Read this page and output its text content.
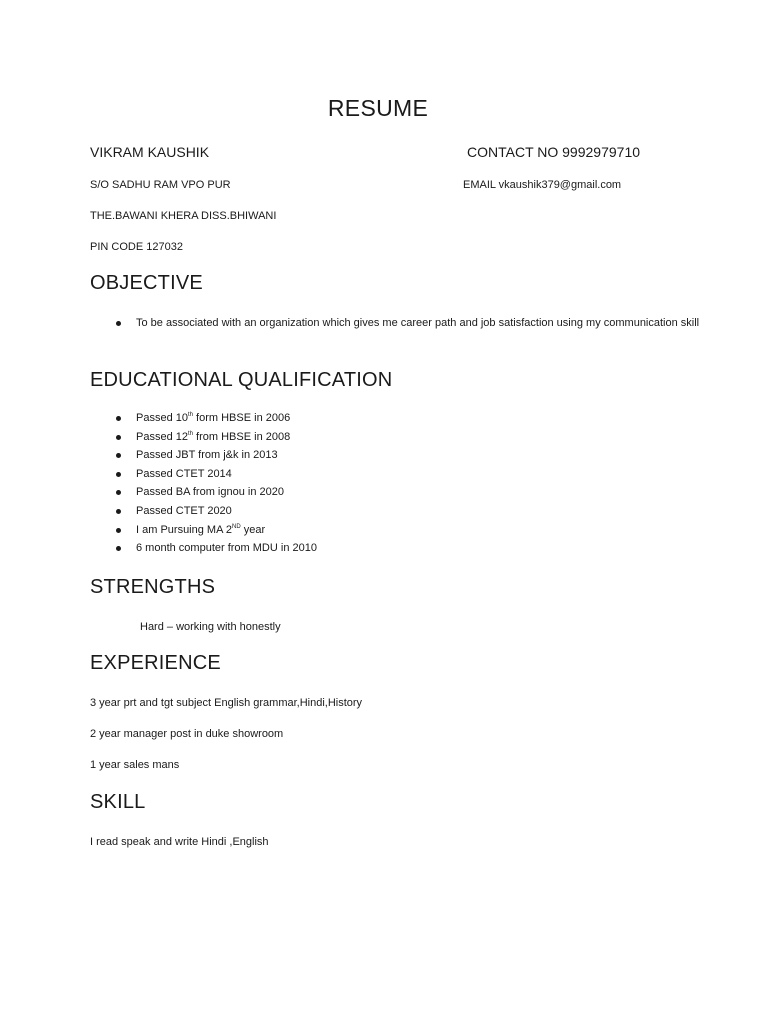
RESUME
VIKRAM KAUSHIK	CONTACT NO 9992979710
S/O SADHU RAM VPO PUR	EMAIL vkaushik379@gmail.com
THE.BAWANI KHERA DISS.BHIWANI
PIN CODE 127032
OBJECTIVE
To be associated with an organization which gives me career path and job satisfaction using my communication skill
EDUCATIONAL QUALIFICATION
Passed 10th form HBSE in 2006
Passed 12th from HBSE in 2008
Passed JBT from j&k in 2013
Passed CTET 2014
Passed BA from ignou in 2020
Passed CTET 2020
I am Pursuing MA 2ND year
6 month computer from MDU in 2010
STRENGTHS
Hard – working with honestly
EXPERIENCE
3 year prt and tgt subject English grammar,Hindi,History
2 year manager post in duke showroom
1 year sales mans
SKILL
I read speak and write Hindi ,English
